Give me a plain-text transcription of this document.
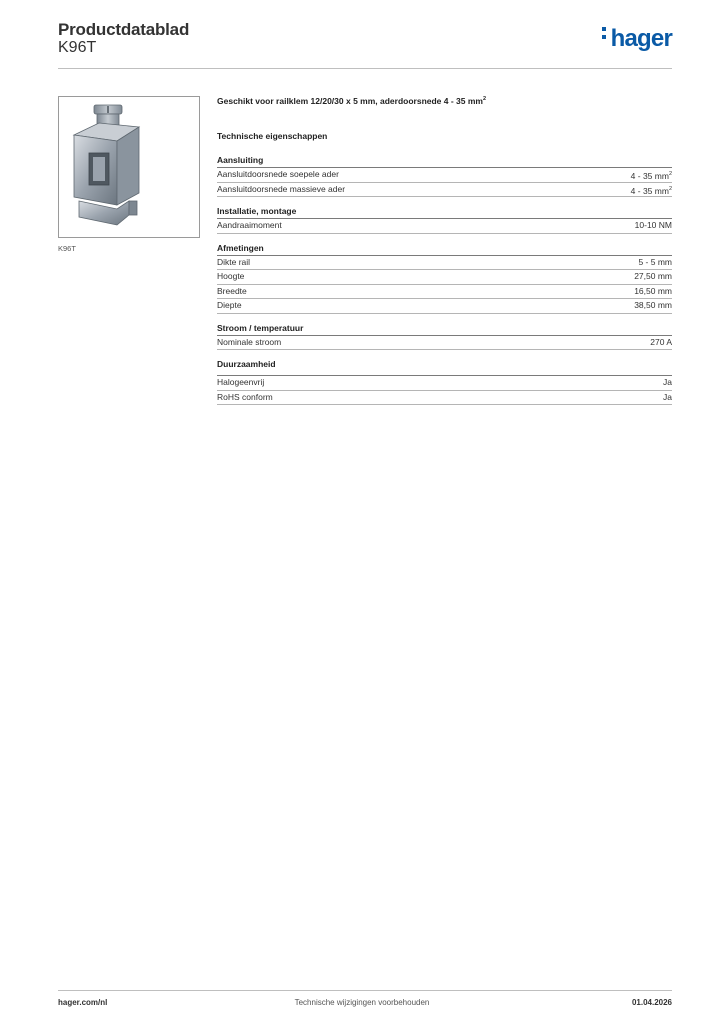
Productdatablad
K96T	hager
K96T

Geschikt voor railklem 12/20/30 x 5 mm, aderdoorsnede 4 - 35 $mm^2$

Technische eigenschappen

Aansluiting
Aansluitdoorsnede soepele ader	4 - 35 $mm^2$
Aansluitdoorsnede massieve ader	4 - 35 $mm^2$
Installatie, montage
Aandraaimoment	10-10 NM
Afmetingen
Dikte rail	5 - 5 mm
Hoogte	27,50 mm
Breedte	16,50 mm
Diepte	38,50 mm
Stroom / temperatuur
Nominale stroom	270 A
Duurzaamheid
Halogeenvrij	Ja
RoHS conform	Ja
hager.com/nl	Technische wijzigingen voorbehouden	01.04.2026
